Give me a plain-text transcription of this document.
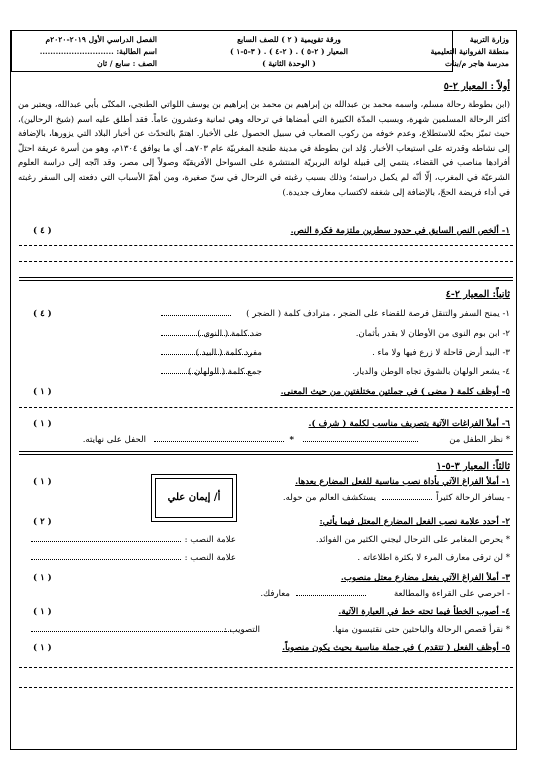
وزارة التربية
منطقة الفروانية التعليمية
مدرسة هاجر م/بنات
ورقة تقويمية ( ٢ ) للصف السابع
المعيار ( ٢-٥ ) . ( ٢-٤ ) . ( ٣-٥-١ )
( الوحدة الثانية )
الفصل الدراسي الأول ٢٠١٩-٢٠٢٠م
اسم الطالبة: ............................
الصف : سابع / ثان
أولاً : المعيار ٢-٥
(ابن بطوطة رحالة مسلم، واسمه محمد بن عبدالله بن إبراهيم بن محمد بن إبراهيم بن يوسف اللواتي الطنجي، المكنّى بأبي عبدالله، ويعتبر من أكثر الرحالة المسلمين شهرة، وبسبب المدّة الكبيرة التي أمضاها في ترحاله وهي ثمانية وعشرون عاماً. فقد أطلق عليه اسم (شيخ الرحالين)، حيث تميّز بحبّه للاستطلاع، وعدم خوفه من ركوب الصعاب في سبيل الحصول على الأخبار. اهتمّ بالتحدّث عن أخبار البلاد التي يزورها، بالإضافة إلى نشاطه وقدرته على استيعاب الأخبار. وُلد ابن بطوطة في مدينة طنجة المغربيّة عام ٧٠٣هـ، أي ما يوافق ١٣٠٤م، وهو من أسرة عريقة احتلّ أفرادها مناصب في القضاء، ينتمي إلى قبيلة لواتة البربريّة المنتشرة على السواحل الأفريقيّة وصولاً إلى مصر، وقد اتّجه إلى دراسة العلوم الشرعيّة في المغرب، إلّا أنّه لم يكمل دراسته؛ وذلك بسبب رغبته في الترحال في سنّ صغيرة، ومن أهمّ الأسباب التي دفعته إلى السفر رغبته في أداء فريضة الحجّ، بالإضافة إلى شغفه لاكتساب معارف جديدة.)
١- ألخص النص السابق في حدود سطرين ملتزمة فكرة النص.
( ٤ )
ثانياً: المعيار ٢-٤
١- يمنح السفر والتنقل فرصة للقضاء على الضجر ، مترادف كلمة ( الضجر )
( ٤ )
٢- ابن بوم النوى من الأوطان لا بقدر بأثمان.
ضد كلمة ( النوى )
٣- البيد أرض قاحلة لا زرع فيها ولا ماء .
مفرد كلمة ( البيد )
٤- يشعر الولهان بالشوق تجاه الوطن والديار.
جمع كلمة ( الولهان )
٥- أوظف كلمة ( مضى ) في جملتين مختلفتين من حيث المعنى.
( ١ )
٦- أملأ الفراغات الآتية بتصريف مناسب لكلمة ( شرف ).
( ١ )
* نظر الطفل من
*
الحفل على نهايته.
ثالثاً: المعيار ٣-٥-١
أ/ إيمان علي
١- أملأ الفراغ الآتي بأداة نصب مناسبة للفعل المضارع بعدها.
( ١ )
- يسافر الرحالة كثيراً
يستكشف العالم من حوله.
٢- أحدد علامة نصب الفعل المضارع المعتل فيما يأتي:
( ٢ )
* يحرص المغامر على الترحال ليجني الكثير من الفوائد.
علامة النصب :
* لن ترقى معارف المرء لا بكثرة اطلاعاته .
علامة النصب :
٣- أملأ الفراغ الآتي بفعل مضارع معتل منصوب.
( ١ )
- احرصي على القراءة والمطالعة
معارفك.
٤- أصوب الخطأ فيما تحته خط في العبارة الآتية.
( ١ )
* نقرأ قصص الرحالة والباحثين حتى نقتبسون منها.
التصويب :
٥- أوظف الفعل ( تتقدم ) في جملة مناسبة بحيث يكون منصوباً.
( ١ )
